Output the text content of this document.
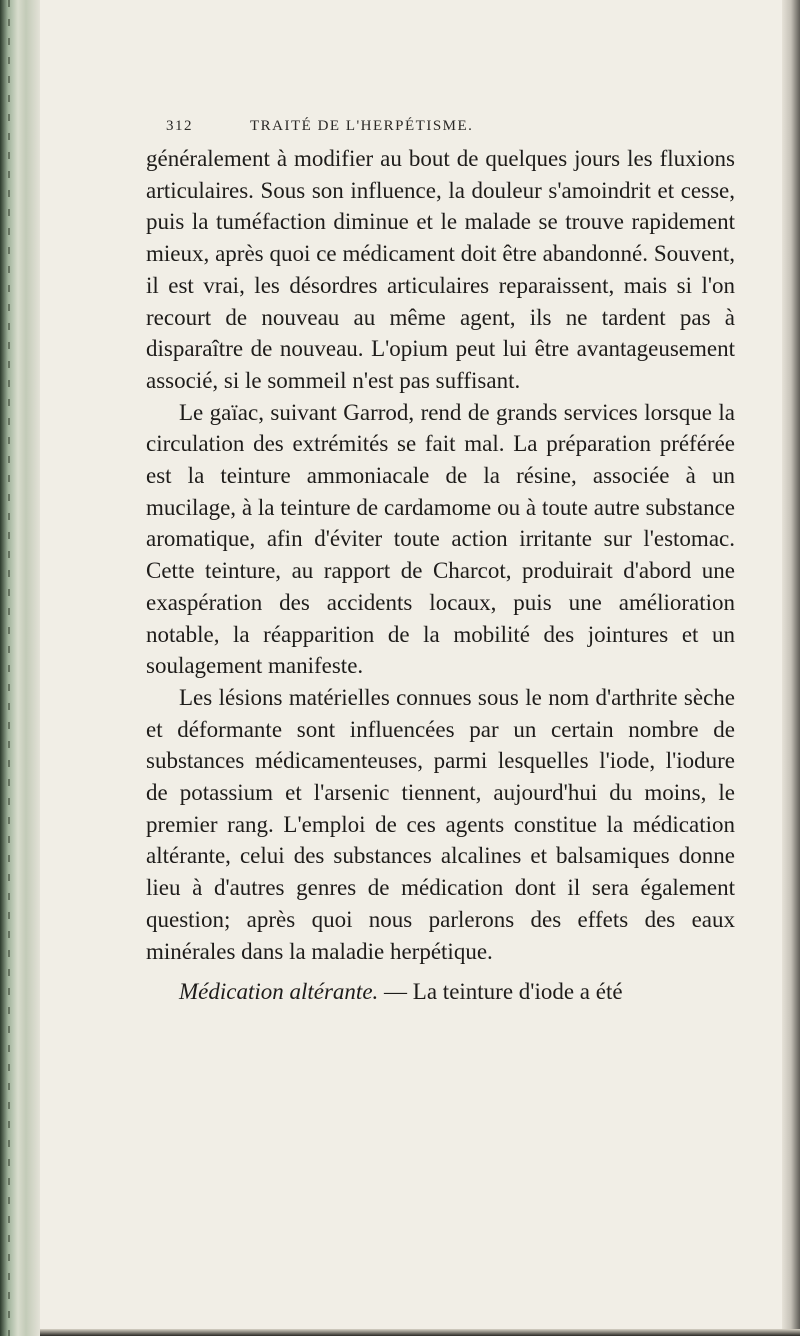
312	TRAITÉ DE L'HERPÉTISME.

généralement à modifier au bout de quelques jours les fluxions articulaires. Sous son influence, la douleur s'amoindrit et cesse, puis la tuméfaction diminue et le malade se trouve rapidement mieux, après quoi ce médicament doit être abandonné. Souvent, il est vrai, les désordres articulaires reparaissent, mais si l'on recourt de nouveau au même agent, ils ne tardent pas à disparaître de nouveau. L'opium peut lui être avantageusement associé, si le sommeil n'est pas suffisant.

Le gaïac, suivant Garrod, rend de grands services lorsque la circulation des extrémités se fait mal. La préparation préférée est la teinture ammoniacale de la résine, associée à un mucilage, à la teinture de cardamome ou à toute autre substance aromatique, afin d'éviter toute action irritante sur l'estomac. Cette teinture, au rapport de Charcot, produirait d'abord une exaspération des accidents locaux, puis une amélioration notable, la réapparition de la mobilité des jointures et un soulagement manifeste.

Les lésions matérielles connues sous le nom d'arthrite sèche et déformante sont influencées par un certain nombre de substances médicamenteuses, parmi lesquelles l'iode, l'iodure de potassium et l'arsenic tiennent, aujourd'hui du moins, le premier rang. L'emploi de ces agents constitue la médication altérante, celui des substances alcalines et balsamiques donne lieu à d'autres genres de médication dont il sera également question; après quoi nous parlerons des effets des eaux minérales dans la maladie herpétique.

Médication altérante. — La teinture d'iode a été
